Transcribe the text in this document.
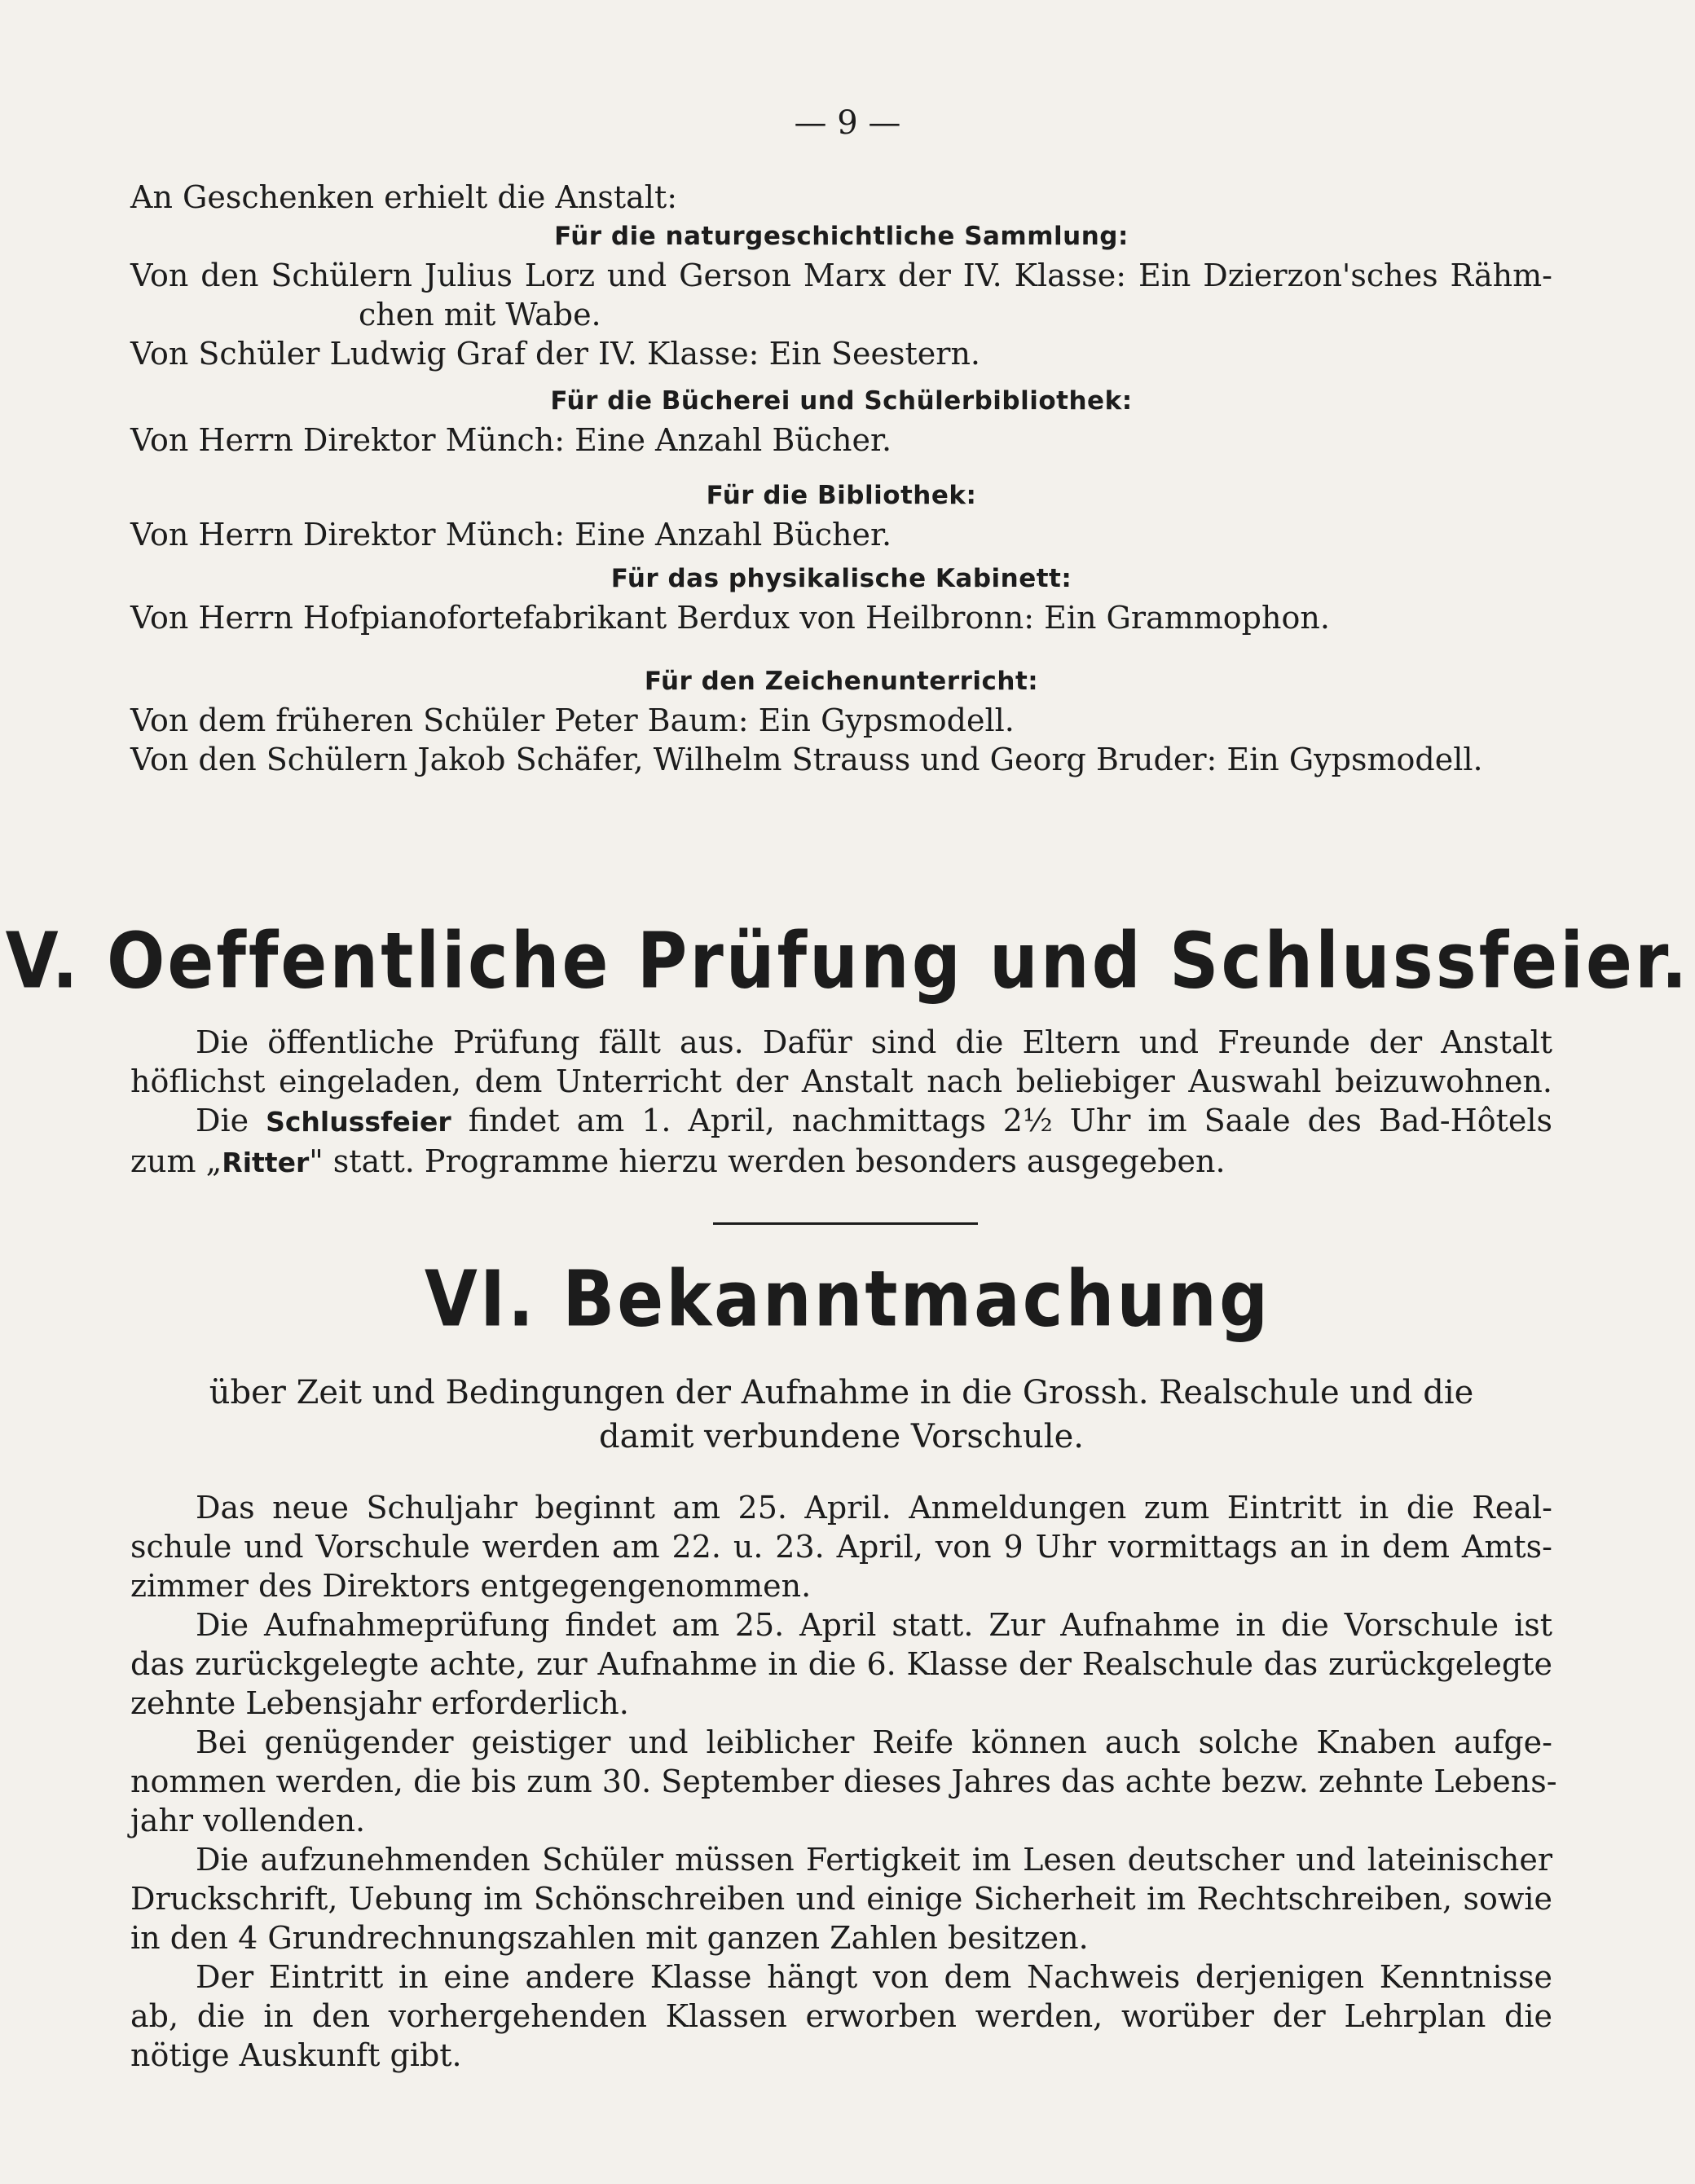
— 9 —
An Geschenken erhielt die Anstalt:
Für die naturgeschichtliche Sammlung:
Von den Schülern Julius Lorz und Gerson Marx der IV. Klasse: Ein Dzierzon'sches Rähm-
chen mit Wabe.
Von Schüler Ludwig Graf der IV. Klasse: Ein Seestern.
Für die Bücherei und Schülerbibliothek:
Von Herrn Direktor Münch: Eine Anzahl Bücher.
Für die Bibliothek:
Von Herrn Direktor Münch: Eine Anzahl Bücher.
Für das physikalische Kabinett:
Von Herrn Hofpianofortefabrikant Berdux von Heilbronn: Ein Grammophon.
Für den Zeichenunterricht:
Von dem früheren Schüler Peter Baum: Ein Gypsmodell.
Von den Schülern Jakob Schäfer, Wilhelm Strauss und Georg Bruder: Ein Gypsmodell.
V. Oeffentliche Prüfung und Schlussfeier.
Die öffentliche Prüfung fällt aus. Dafür sind die Eltern und Freunde der Anstalt
höflichst eingeladen, dem Unterricht der Anstalt nach beliebiger Auswahl beizuwohnen.
Die Schlussfeier findet am 1. April, nachmittags 2½ Uhr im Saale des Bad-Hôtels
zum „Ritter" statt. Programme hierzu werden besonders ausgegeben.
VI. Bekanntmachung
über Zeit und Bedingungen der Aufnahme in die Grossh. Realschule und die
damit verbundene Vorschule.
Das neue Schuljahr beginnt am 25. April. Anmeldungen zum Eintritt in die Real-
schule und Vorschule werden am 22. u. 23. April, von 9 Uhr vormittags an in dem Amts-
zimmer des Direktors entgegengenommen.
Die Aufnahmeprüfung findet am 25. April statt. Zur Aufnahme in die Vorschule ist
das zurückgelegte achte, zur Aufnahme in die 6. Klasse der Realschule das zurückgelegte
zehnte Lebensjahr erforderlich.
Bei genügender geistiger und leiblicher Reife können auch solche Knaben aufge-
nommen werden, die bis zum 30. September dieses Jahres das achte bezw. zehnte Lebens-
jahr vollenden.
Die aufzunehmenden Schüler müssen Fertigkeit im Lesen deutscher und lateinischer
Druckschrift, Uebung im Schönschreiben und einige Sicherheit im Rechtschreiben, sowie
in den 4 Grundrechnungszahlen mit ganzen Zahlen besitzen.
Der Eintritt in eine andere Klasse hängt von dem Nachweis derjenigen Kenntnisse
ab, die in den vorhergehenden Klassen erworben werden, worüber der Lehrplan die
nötige Auskunft gibt.
